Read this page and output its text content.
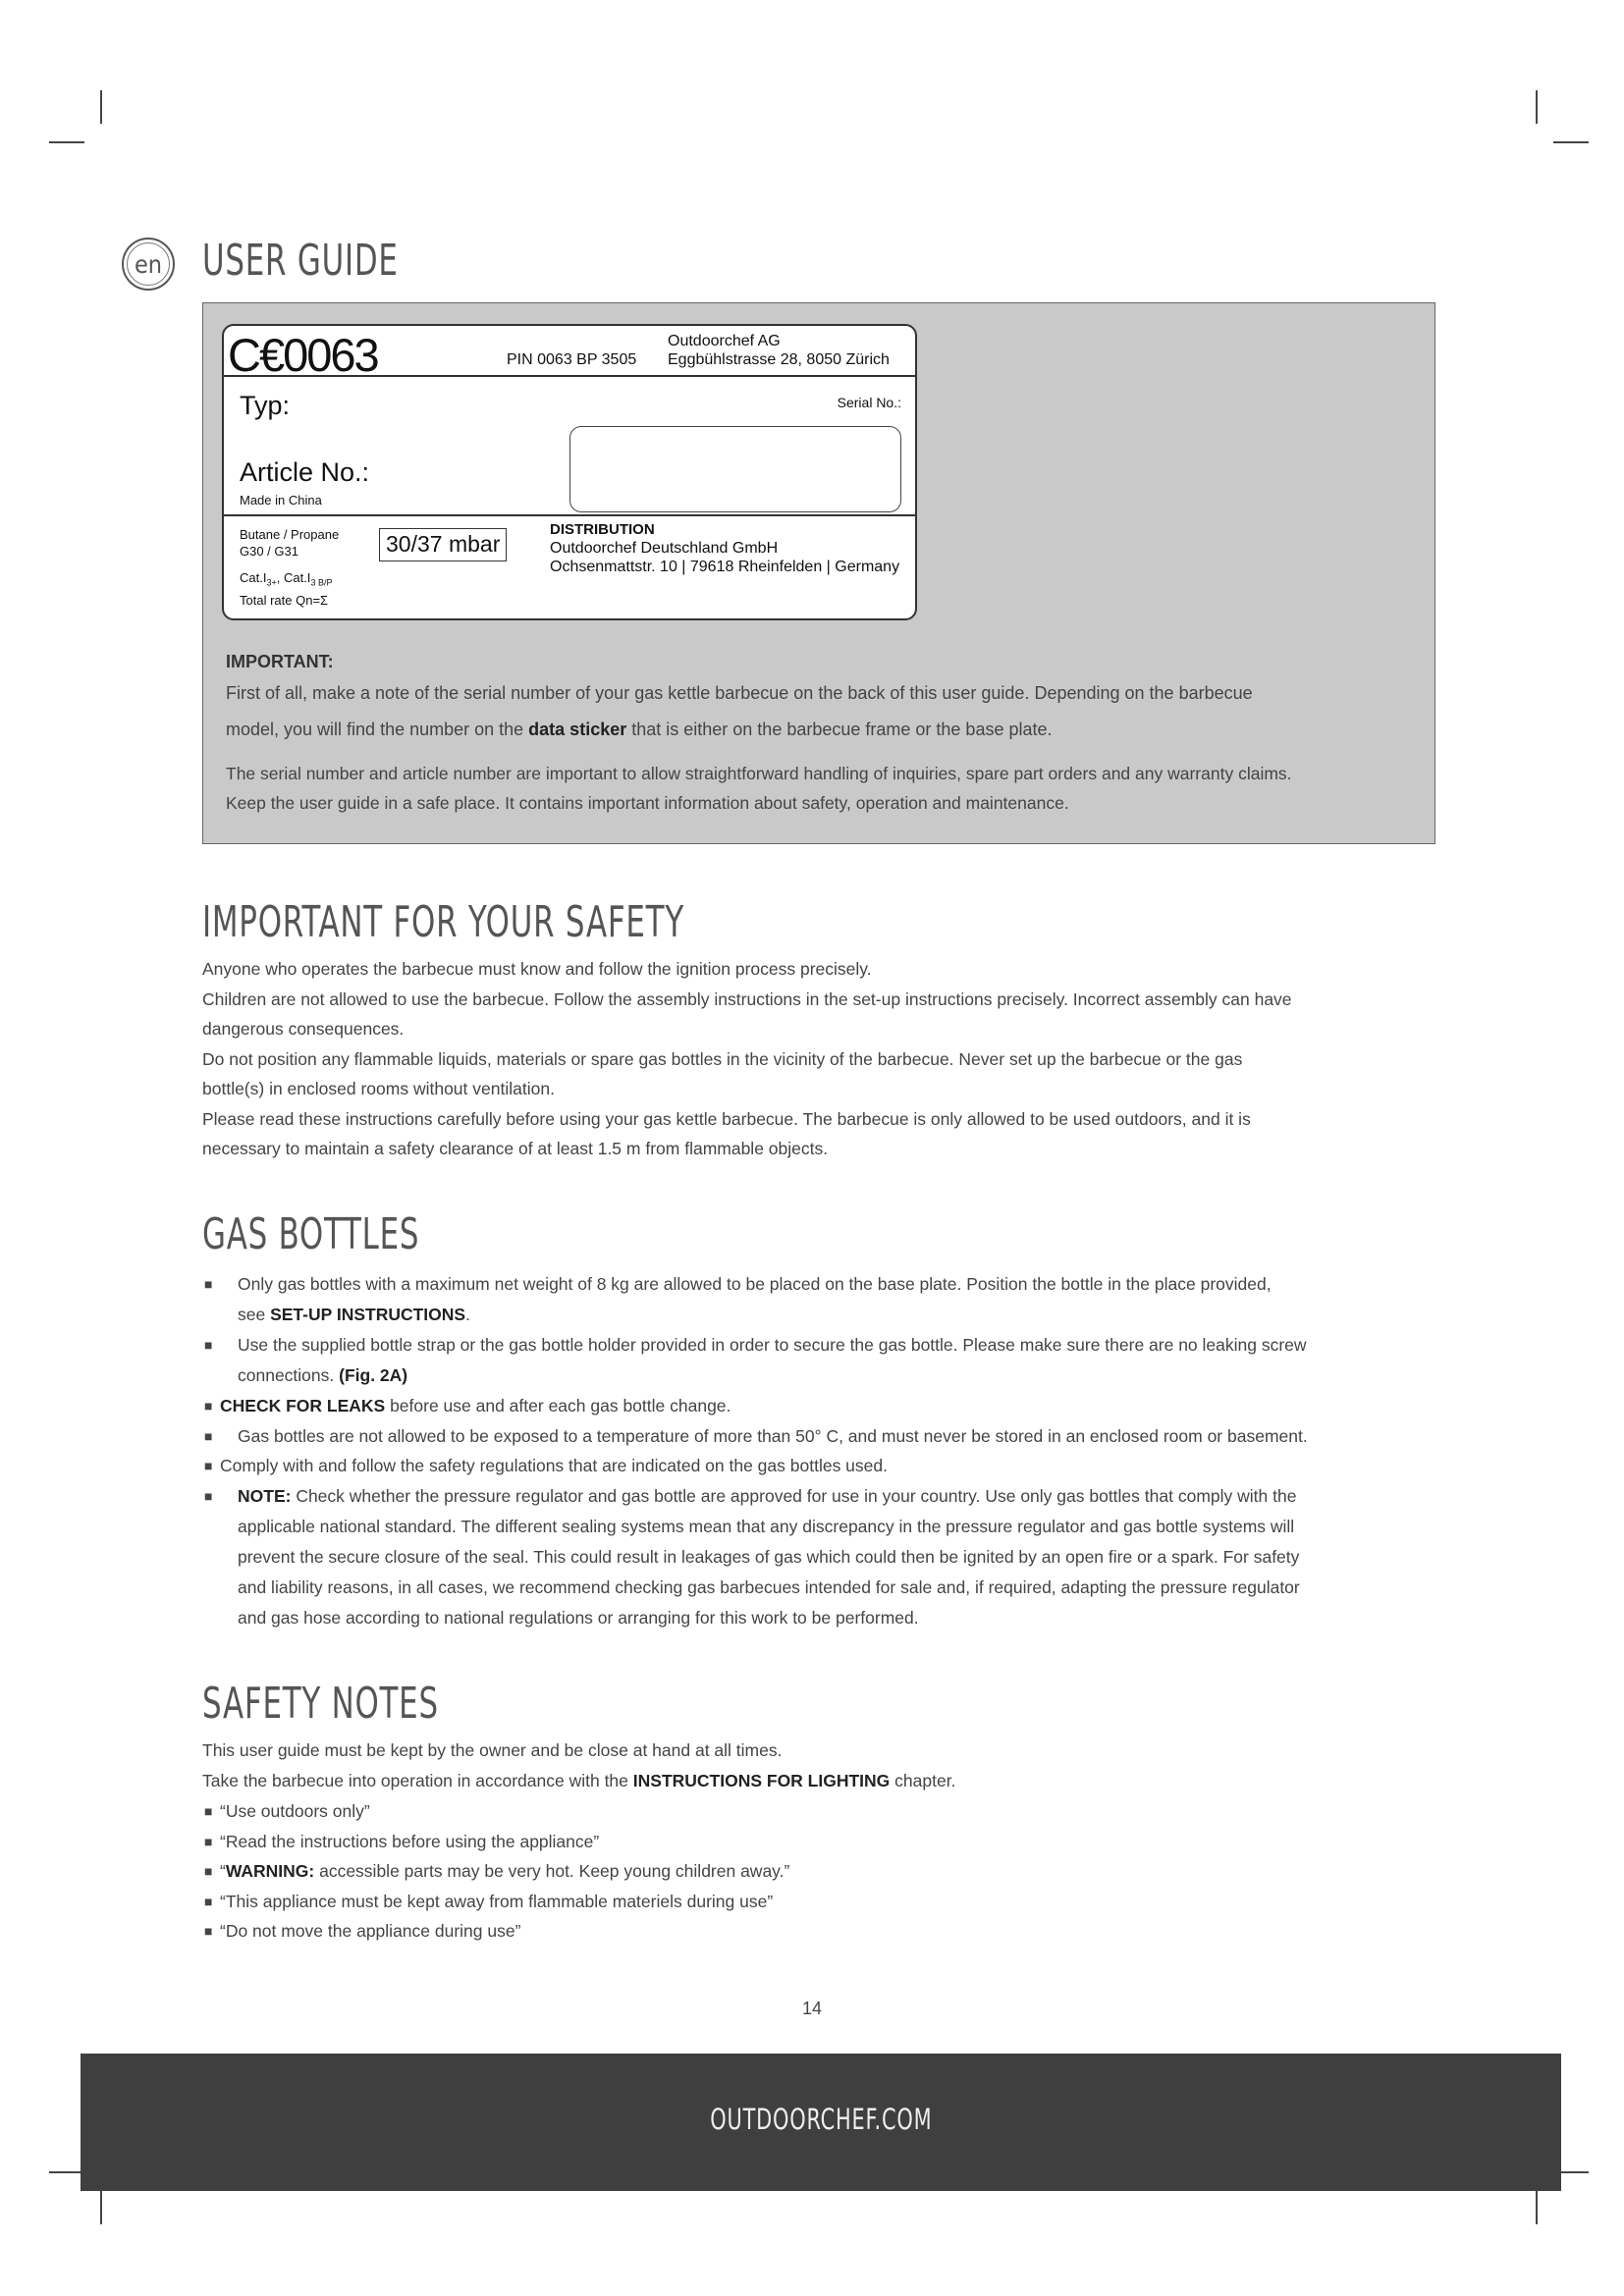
en USER GUIDE
C€0063	PIN 0063 BP 3505
Outdoorchef AG
Eggbühlstrasse 28, 8050 Zürich
Typ:	Serial No.:
Article No.:
Made in China
Butane / Propane
G30 / G31	30/37 mbar
$Cat.I_{3+}$, $Cat.I_{3 B/P}$
Total rate Qn=Σ
DISTRIBUTION
Outdoorchef Deutschland GmbH
Ochsenmattstr. 10 | 79618 Rheinfelden | Germany

IMPORTANT:

First of all, make a note of the serial number of your gas kettle barbecue on the back of this user guide. Depending on the barbecue

model, you will find the number on the data sticker that is either on the barbecue frame or the base plate.

The serial number and article number are important to allow straightforward handling of inquiries, spare part orders and any warranty claims.

Keep the user guide in a safe place. It contains important information about safety, operation and maintenance.

IMPORTANT FOR YOUR SAFETY

Anyone who operates the barbecue must know and follow the ignition process precisely.

Children are not allowed to use the barbecue. Follow the assembly instructions in the set-up instructions precisely. Incorrect assembly can have

dangerous consequences.

Do not position any flammable liquids, materials or spare gas bottles in the vicinity of the barbecue. Never set up the barbecue or the gas

bottle(s) in enclosed rooms without ventilation.

Please read these instructions carefully before using your gas kettle barbecue. The barbecue is only allowed to be used outdoors, and it is

necessary to maintain a safety clearance of at least 1.5 m from flammable objects.

GAS BOTTLES
■	Only gas bottles with a maximum net weight of 8 kg are allowed to be placed on the base plate. Position the bottle in the place provided,
see SET-UP INSTRUCTIONS.
■	Use the supplied bottle strap or the gas bottle holder provided in order to secure the gas bottle. Please make sure there are no leaking screw
connections. (Fig. 2A)
■ CHECK FOR LEAKS before use and after each gas bottle change.
■	Gas bottles are not allowed to be exposed to a temperature of more than 50° C, and must never be stored in an enclosed room or basement.
■ Comply with and follow the safety regulations that are indicated on the gas bottles used.
■	NOTE: Check whether the pressure regulator and gas bottle are approved for use in your country. Use only gas bottles that comply with the
applicable national standard. The different sealing systems mean that any discrepancy in the pressure regulator and gas bottle systems will
prevent the secure closure of the seal. This could result in leakages of gas which could then be ignited by an open fire or a spark. For safety
and liability reasons, in all cases, we recommend checking gas barbecues intended for sale and, if required, adapting the pressure regulator
and gas hose according to national regulations or arranging for this work to be performed.
SAFETY NOTES

This user guide must be kept by the owner and be close at hand at all times.

Take the barbecue into operation in accordance with the INSTRUCTIONS FOR LIGHTING chapter.

■ “Use outdoors only”
■ “Read the instructions before using the appliance”
■ “WARNING: accessible parts may be very hot. Keep young children away.”
■ “This appliance must be kept away from flammable materiels during use”
■ “Do not move the appliance during use”
14
OUTDOORCHEF.COM
